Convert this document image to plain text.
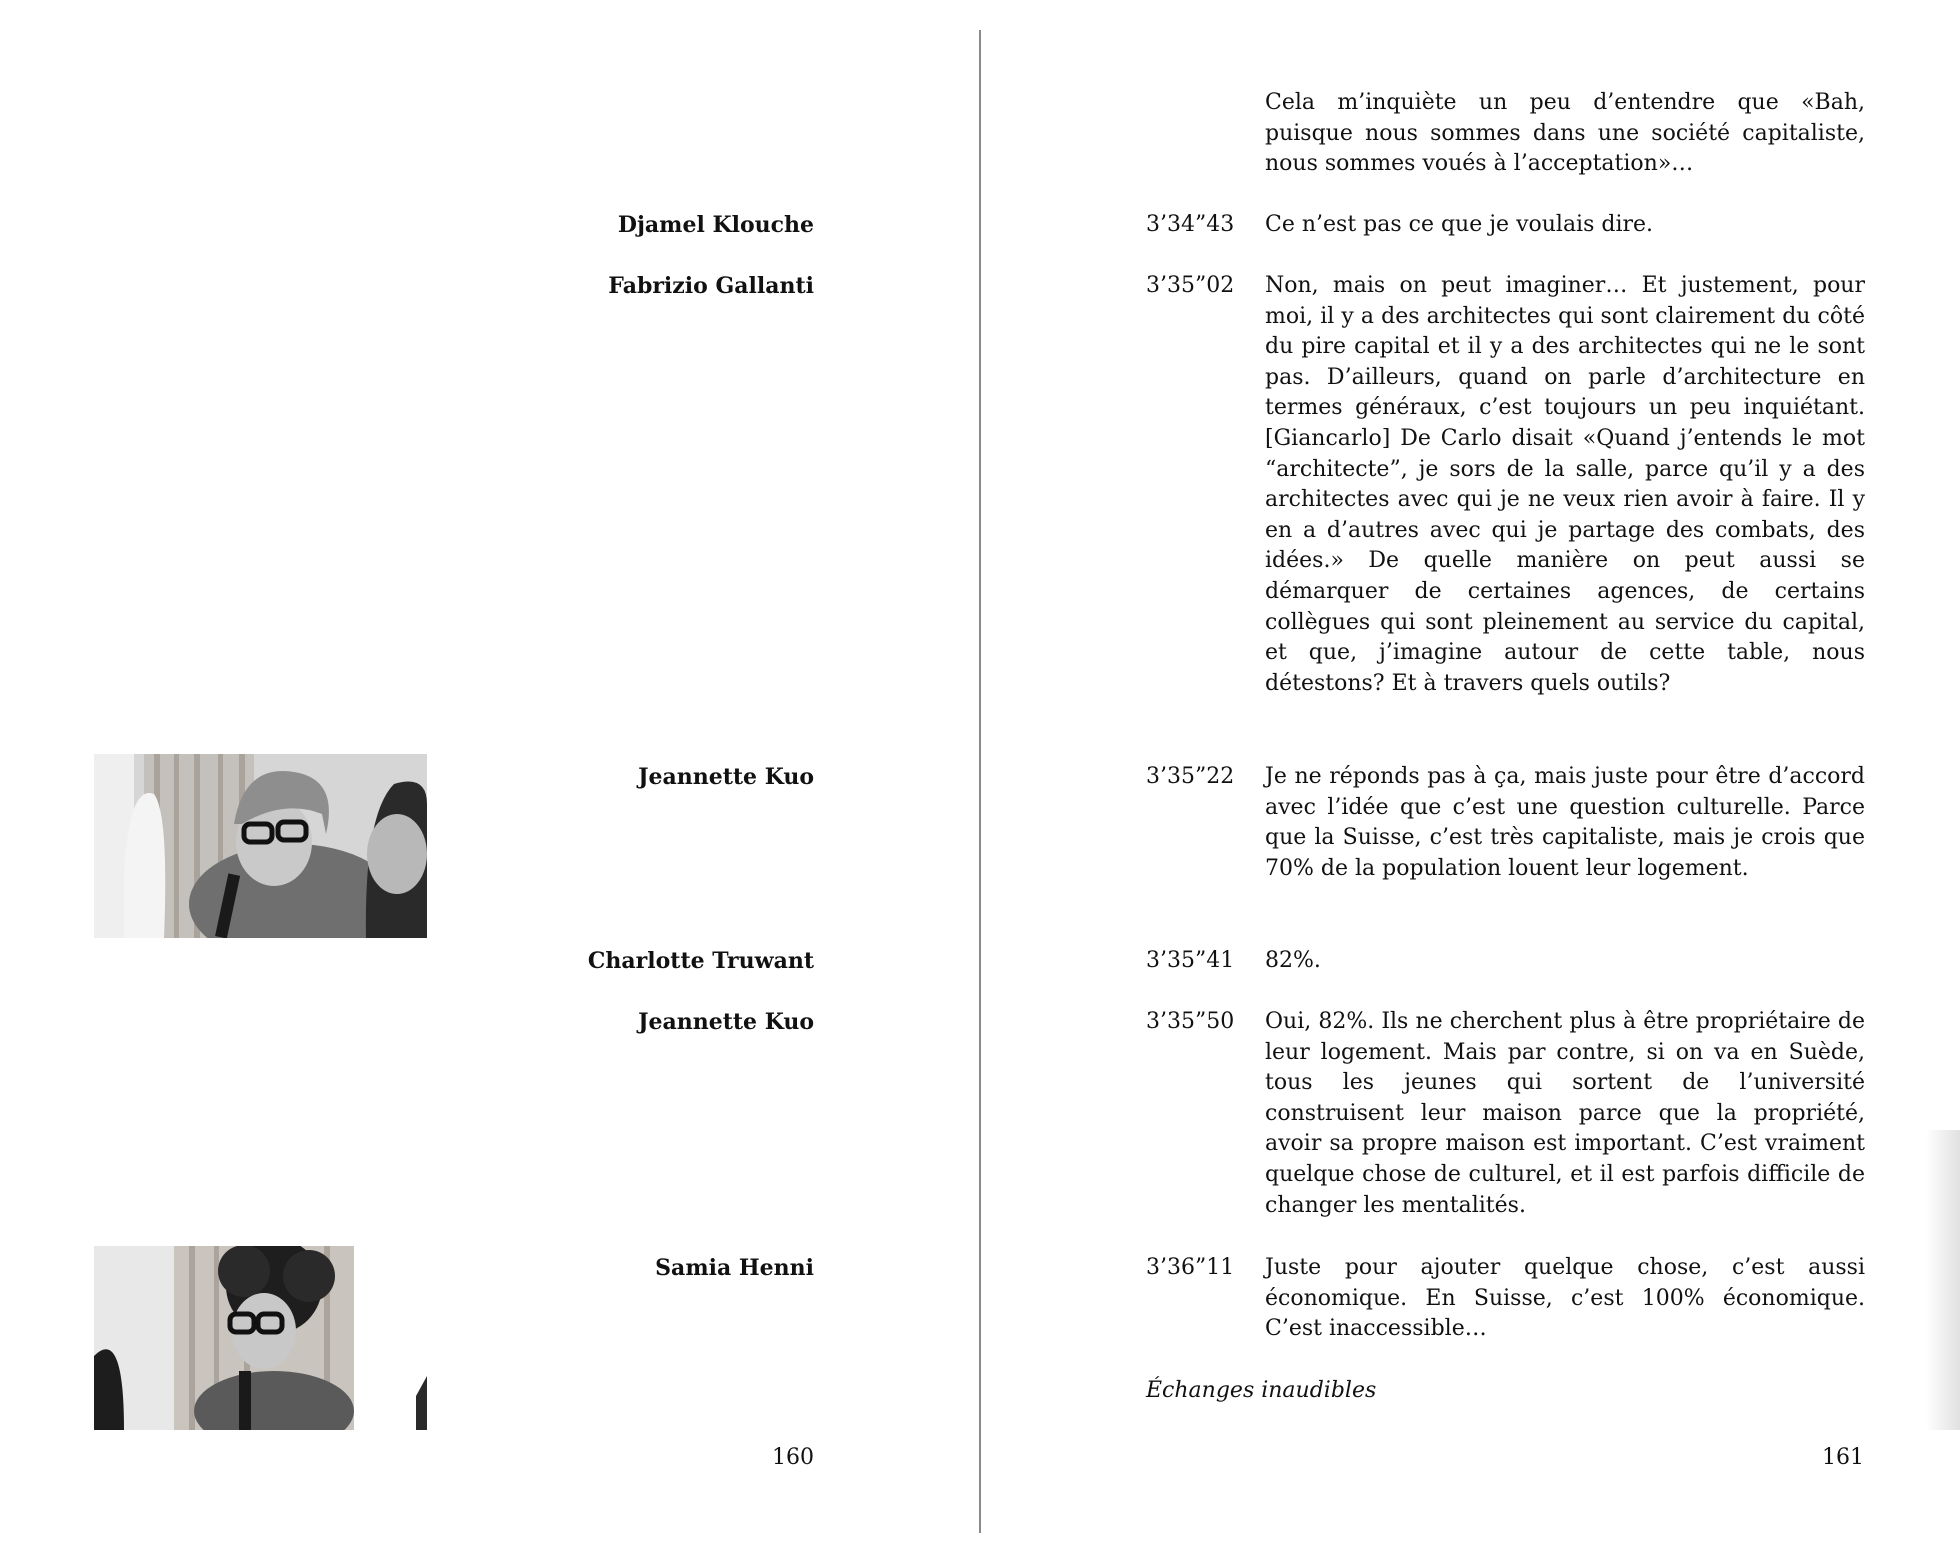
Djamel Klouche
Fabrizio Gallanti
Jeannette Kuo
Charlotte Truwant
Jeannette Kuo
Samia Henni
160

Cela m’inquiète un peu d’entendre que «Bah, puisque nous sommes dans une société capitaliste, nous sommes voués à l’acceptation»…

3’34”43 Ce n’est pas ce que je voulais dire.

3’35”02 Non, mais on peut imaginer… Et justement, pour moi, il y a des architectes qui sont clairement du côté du pire capital et il y a des architectes qui ne le sont pas. D’ailleurs, quand on parle d’architecture en termes généraux, c’est toujours un peu inquiétant. [Giancarlo] De Carlo disait «Quand j’entends le mot “architecte”, je sors de la salle, parce qu’il y a des architectes avec qui je ne veux rien avoir à faire. Il y en a d’autres avec qui je partage des combats, des idées.» De quelle manière on peut aussi se démarquer de certaines agences, de certains collègues qui sont pleinement au service du capital, et que, j’imagine autour de cette table, nous détestons? Et à travers quels outils?

3’35”22 Je ne réponds pas à ça, mais juste pour être d’accord avec l’idée que c’est une question culturelle. Parce que la Suisse, c’est très capitaliste, mais je crois que 70% de la population louent leur logement.

3’35”41 82%.

3’35”50 Oui, 82%. Ils ne cherchent plus à être propriétaire de leur logement. Mais par contre, si on va en Suède, tous les jeunes qui sortent de l’université construisent leur maison parce que la propriété, avoir sa propre maison est important. C’est vraiment quelque chose de culturel, et il est parfois difficile de changer les mentalités.

3’36”11 Juste pour ajouter quelque chose, c’est aussi économique. En Suisse, c’est 100% économique. C’est inaccessible…

Échanges inaudibles
161
